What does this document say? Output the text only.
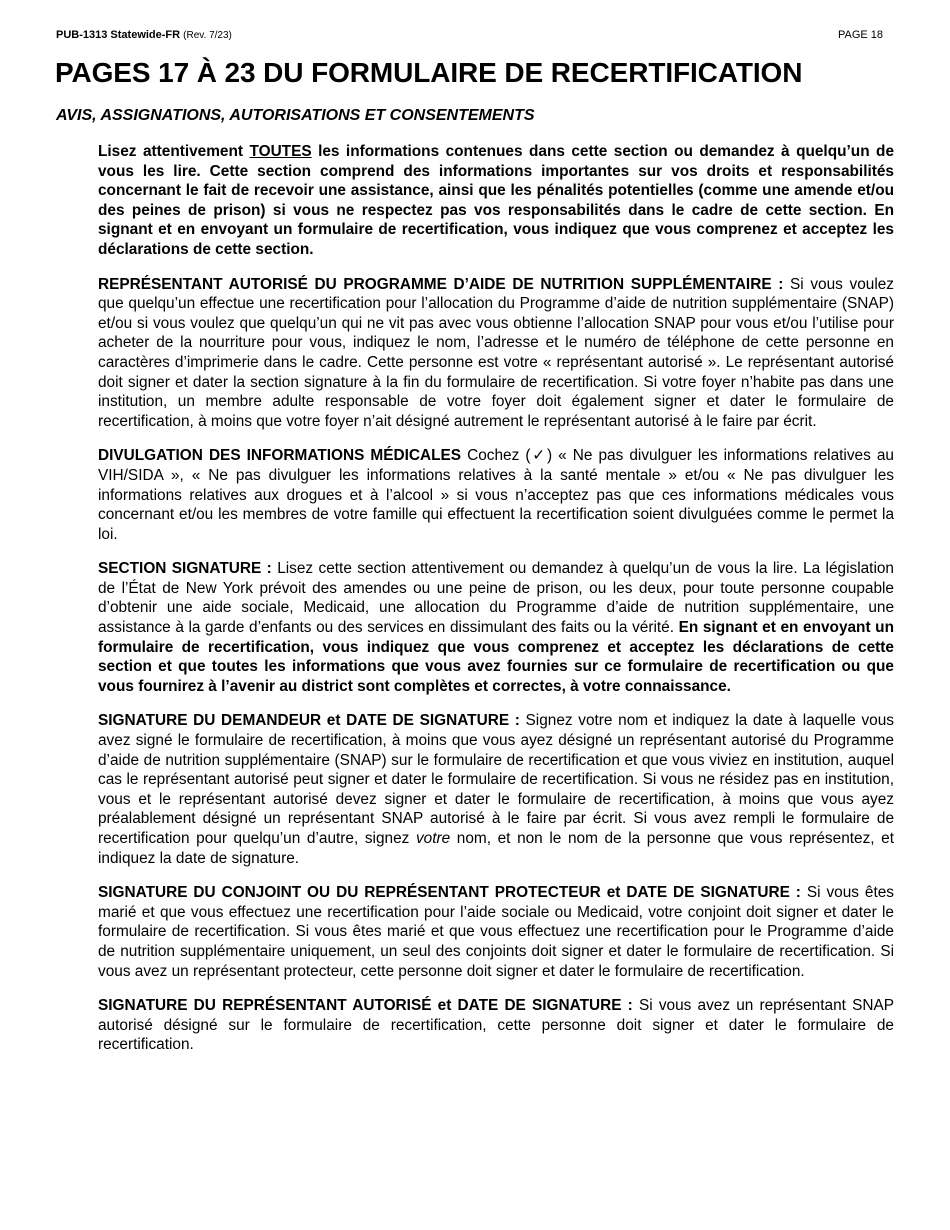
PUB-1313 Statewide-FR (Rev. 7/23)	PAGE 18
PAGES 17 À 23 DU FORMULAIRE DE RECERTIFICATION
AVIS, ASSIGNATIONS, AUTORISATIONS ET CONSENTEMENTS

Lisez attentivement TOUTES les informations contenues dans cette section ou demandez à quelqu’un de vous les lire. Cette section comprend des informations importantes sur vos droits et responsabilités concernant le fait de recevoir une assistance, ainsi que les pénalités potentielles (comme une amende et/ou des peines de prison) si vous ne respectez pas vos responsabilités dans le cadre de cette section. En signant et en envoyant un formulaire de recertification, vous indiquez que vous comprenez et acceptez les déclarations de cette section.

REPRÉSENTANT AUTORISÉ DU PROGRAMME D’AIDE DE NUTRITION SUPPLÉMENTAIRE : Si vous voulez que quelqu’un effectue une recertification pour l’allocation du Programme d’aide de nutrition supplémentaire (SNAP) et/ou si vous voulez que quelqu’un qui ne vit pas avec vous obtienne l’allocation SNAP pour vous et/ou l’utilise pour acheter de la nourriture pour vous, indiquez le nom, l’adresse et le numéro de téléphone de cette personne en caractères d’imprimerie dans le cadre. Cette personne est votre « représentant autorisé ». Le représentant autorisé doit signer et dater la section signature à la fin du formulaire de recertification. Si votre foyer n’habite pas dans une institution, un membre adulte responsable de votre foyer doit également signer et dater le formulaire de recertification, à moins que votre foyer n’ait désigné autrement le représentant autorisé à le faire par écrit.

DIVULGATION DES INFORMATIONS MÉDICALES Cochez (✓) « Ne pas divulguer les informations relatives au VIH/SIDA », « Ne pas divulguer les informations relatives à la santé mentale » et/ou « Ne pas divulguer les informations relatives aux drogues et à l’alcool » si vous n’acceptez pas que ces informations médicales vous concernant et/ou les membres de votre famille qui effectuent la recertification soient divulguées comme le permet la loi.

SECTION SIGNATURE : Lisez cette section attentivement ou demandez à quelqu’un de vous la lire. La législation de l’État de New York prévoit des amendes ou une peine de prison, ou les deux, pour toute personne coupable d’obtenir une aide sociale, Medicaid, une allocation du Programme d’aide de nutrition supplémentaire, une assistance à la garde d’enfants ou des services en dissimulant des faits ou la vérité. En signant et en envoyant un formulaire de recertification, vous indiquez que vous comprenez et acceptez les déclarations de cette section et que toutes les informations que vous avez fournies sur ce formulaire de recertification ou que vous fournirez à l’avenir au district sont complètes et correctes, à votre connaissance.

SIGNATURE DU DEMANDEUR et DATE DE SIGNATURE : Signez votre nom et indiquez la date à laquelle vous avez signé le formulaire de recertification, à moins que vous ayez désigné un représentant autorisé du Programme d’aide de nutrition supplémentaire (SNAP) sur le formulaire de recertification et que vous viviez en institution, auquel cas le représentant autorisé peut signer et dater le formulaire de recertification. Si vous ne résidez pas en institution, vous et le représentant autorisé devez signer et dater le formulaire de recertification, à moins que vous ayez préalablement désigné un représentant SNAP autorisé à le faire par écrit. Si vous avez rempli le formulaire de recertification pour quelqu’un d’autre, signez votre nom, et non le nom de la personne que vous représentez, et indiquez la date de signature.

SIGNATURE DU CONJOINT OU DU REPRÉSENTANT PROTECTEUR et DATE DE SIGNATURE : Si vous êtes marié et que vous effectuez une recertification pour l’aide sociale ou Medicaid, votre conjoint doit signer et dater le formulaire de recertification. Si vous êtes marié et que vous effectuez une recertification pour le Programme d’aide de nutrition supplémentaire uniquement, un seul des conjoints doit signer et dater le formulaire de recertification. Si vous avez un représentant protecteur, cette personne doit signer et dater le formulaire de recertification.

SIGNATURE DU REPRÉSENTANT AUTORISÉ et DATE DE SIGNATURE : Si vous avez un représentant SNAP autorisé désigné sur le formulaire de recertification, cette personne doit signer et dater le formulaire de recertification.
